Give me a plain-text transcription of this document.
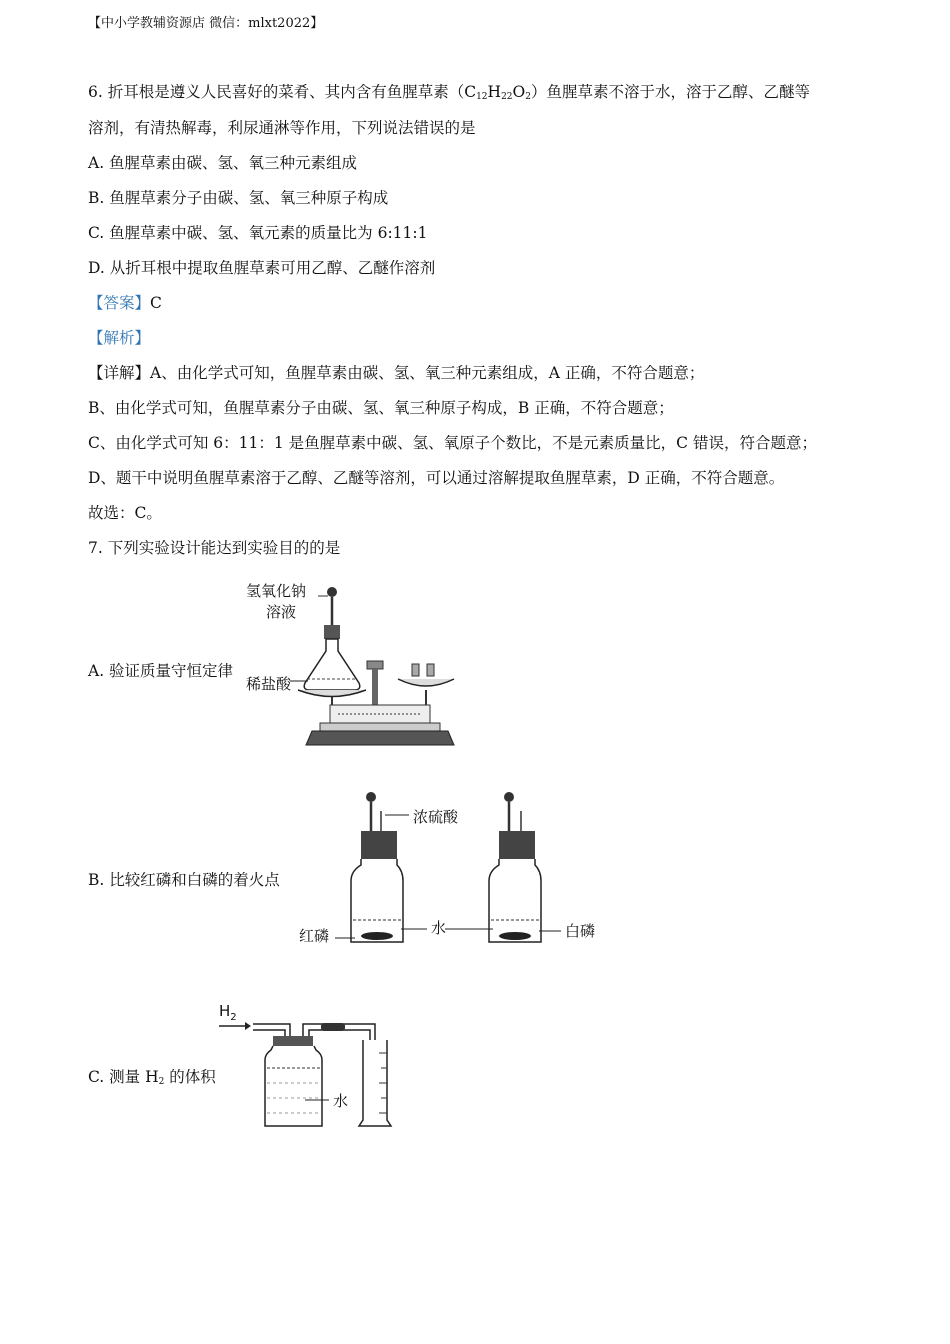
【中小学教辅资源店 微信：mlxt2022】
6. 折耳根是遵义人民喜好的菜肴、其内含有鱼腥草素$(C_{12}H_{22}O_2)$鱼腥草素不溶于水，溶于乙醇、乙醚等
溶剂，有清热解毒，利尿通淋等作用，下列说法错误的是
A. 鱼腥草素由碳、氢、氧三种元素组成
B. 鱼腥草素分子由碳、氢、氧三种原子构成
C. 鱼腥草素中碳、氢、氧元素的质量比为 6:11:1
D. 从折耳根中提取鱼腥草素可用乙醇、乙醚作溶剂
【答案】C
【解析】
【详解】A、由化学式可知，鱼腥草素由碳、氢、氧三种元素组成，A 正确，不符合题意；
B、由化学式可知，鱼腥草素分子由碳、氢、氧三种原子构成，B 正确，不符合题意；
C、由化学式可知 6：11：1 是鱼腥草素中碳、氢、氧原子个数比，不是元素质量比，C 错误，符合题意；
D、题干中说明鱼腥草素溶于乙醇、乙醚等溶剂，可以通过溶解提取鱼腥草素，D 正确，不符合题意。
故选：C。
7. 下列实验设计能达到实验目的的是
A. 验证质量守恒定律
B. 比较红磷和白磷的着火点
C. 测量 $H_2$ 的体积
氢氧化钠
溶液
稀盐酸
浓硫酸
红磷	水	白磷
$H_2$
水
